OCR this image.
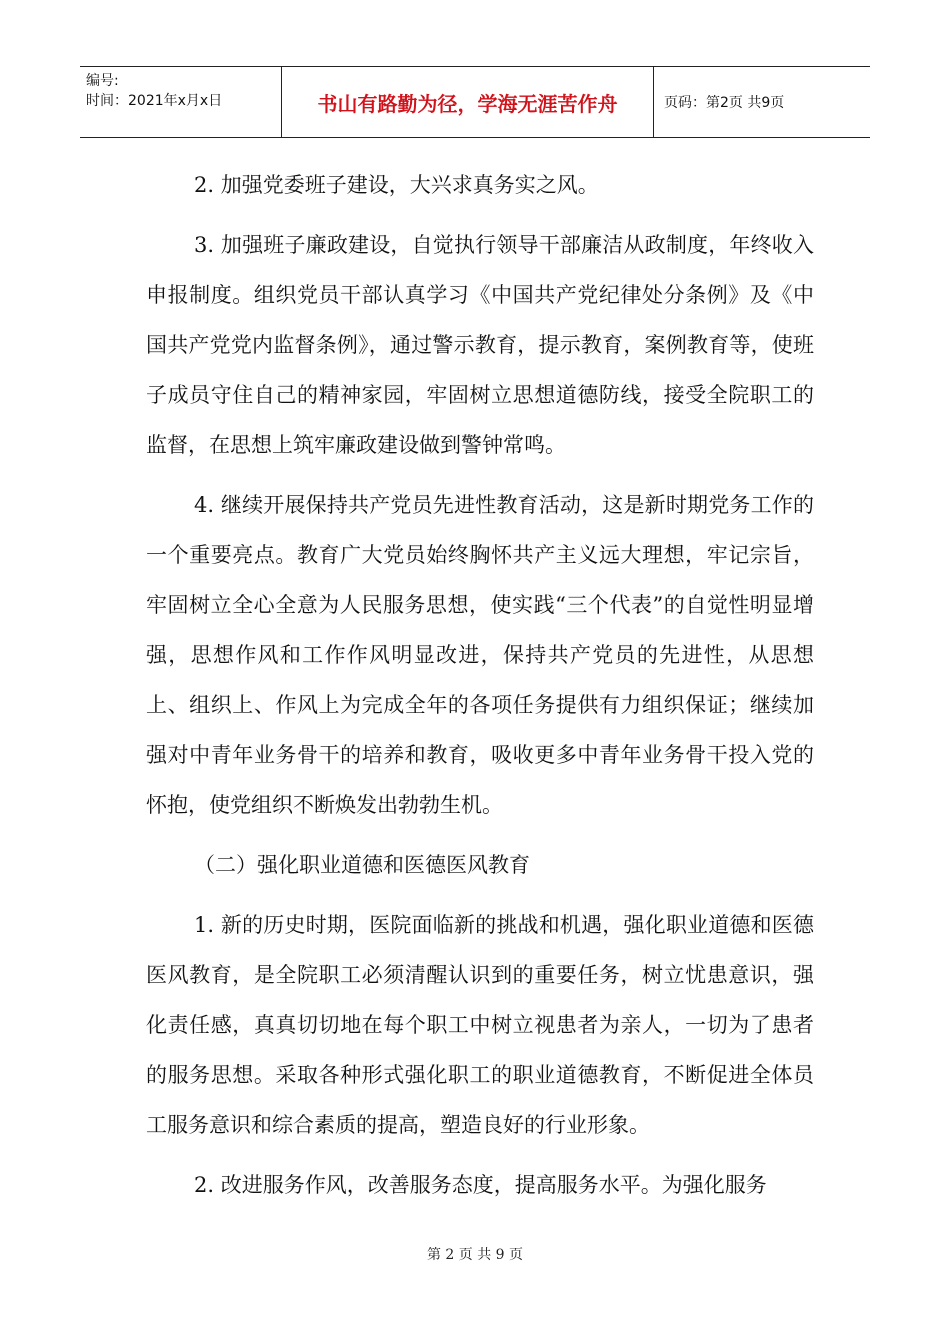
编号:
时间：2021年x月x日	书山有路勤为径，学海无涯苦作舟	页码：第2页 共9页

2. 加强党委班子建设，大兴求真务实之风。

3. 加强班子廉政建设，自觉执行领导干部廉洁从政制度，年终收入申报制度。组织党员干部认真学习《中国共产党纪律处分条例》及《中国共产党党内监督条例》，通过警示教育，提示教育，案例教育等，使班子成员守住自己的精神家园，牢固树立思想道德防线，接受全院职工的监督，在思想上筑牢廉政建设做到警钟常鸣。

4. 继续开展保持共产党员先进性教育活动，这是新时期党务工作的一个重要亮点。教育广大党员始终胸怀共产主义远大理想，牢记宗旨，牢固树立全心全意为人民服务思想，使实践“三个代表”的自觉性明显增强，思想作风和工作作风明显改进，保持共产党员的先进性，从思想上、组织上、作风上为完成全年的各项任务提供有力组织保证；继续加强对中青年业务骨干的培养和教育，吸收更多中青年业务骨干投入党的怀抱，使党组织不断焕发出勃勃生机。

（二）强化职业道德和医德医风教育

1. 新的历史时期，医院面临新的挑战和机遇，强化职业道德和医德医风教育，是全院职工必须清醒认识到的重要任务，树立忧患意识，强化责任感，真真切切地在每个职工中树立视患者为亲人，一切为了患者的服务思想。采取各种形式强化职工的职业道德教育，不断促进全体员工服务意识和综合素质的提高，塑造良好的行业形象。

2. 改进服务作风，改善服务态度，提高服务水平。为强化服务

第 2 页 共 9 页
